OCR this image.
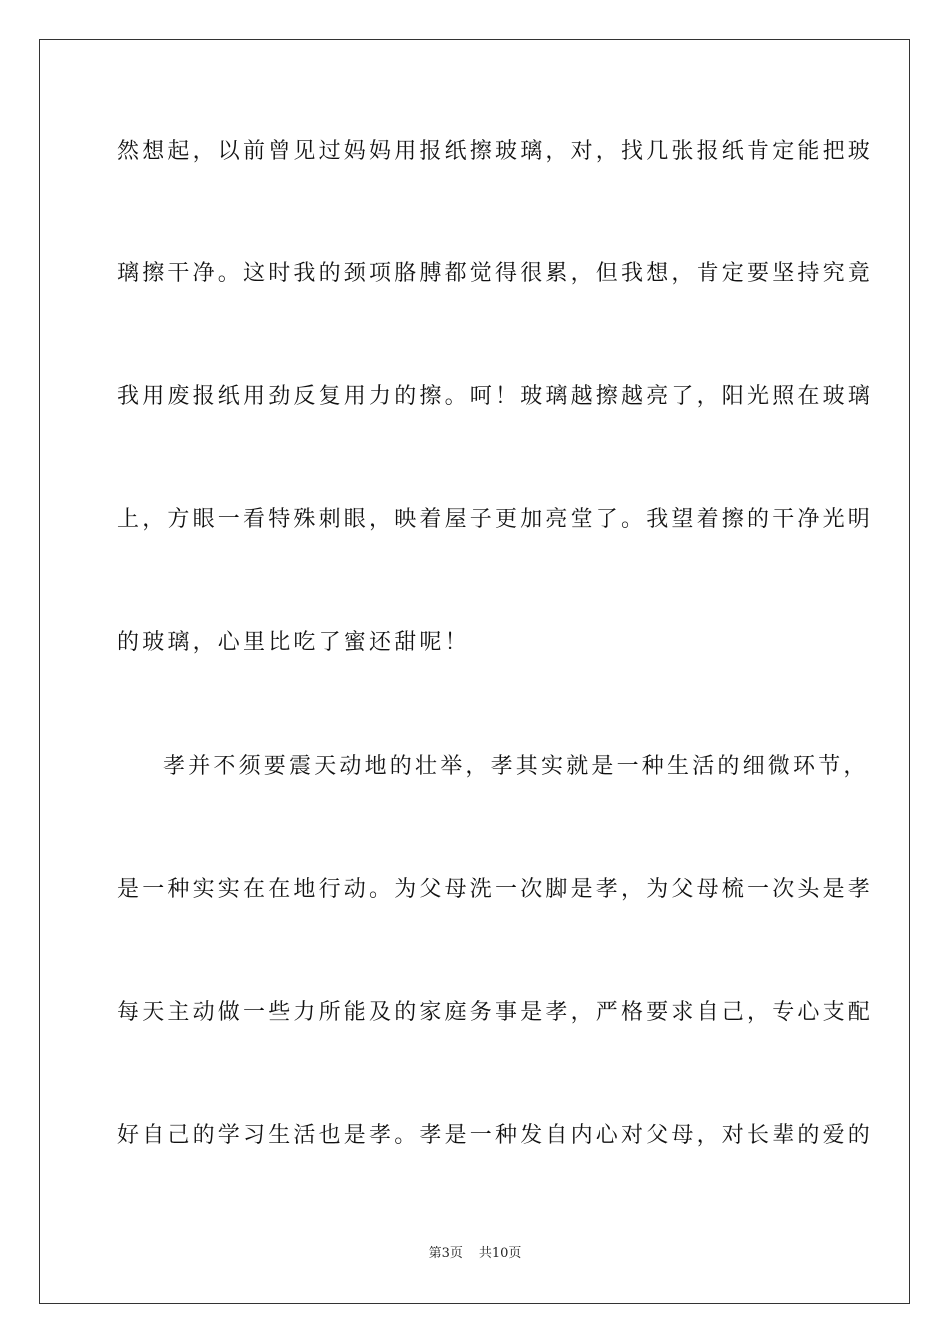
然想起，以前曾见过妈妈用报纸擦玻璃，对，找几张报纸肯定能把玻
璃擦干净。这时我的颈项胳膊都觉得很累，但我想，肯定要坚持究竟
我用废报纸用劲反复用力的擦。呵！玻璃越擦越亮了，阳光照在玻璃
上，方眼一看特殊刺眼，映着屋子更加亮堂了。我望着擦的干净光明
的玻璃，心里比吃了蜜还甜呢！
孝并不须要震天动地的壮举，孝其实就是一种生活的细微环节，
是一种实实在在地行动。为父母洗一次脚是孝，为父母梳一次头是孝
每天主动做一些力所能及的家庭务事是孝，严格要求自己，专心支配
好自己的学习生活也是孝。孝是一种发自内心对父母，对长辈的爱的
第3页 共10页
